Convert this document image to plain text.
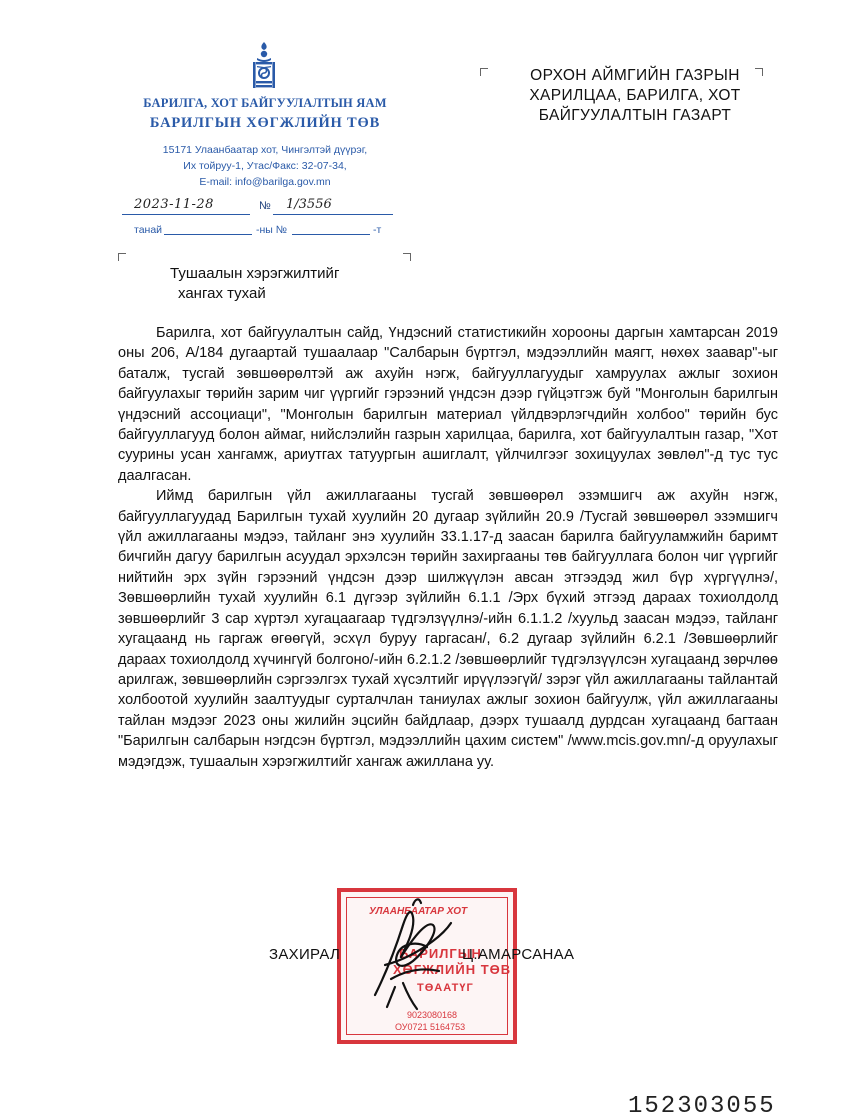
БАРИЛГА, ХОТ БАЙГУУЛАЛТЫН ЯАМ
БАРИЛГЫН ХӨГЖЛИЙН ТӨВ
15171 Улаанбаатар хот, Чингэлтэй дүүрэг,
Их тойруу-1, Утас/Факс: 32-07-34,
E-mail: info@barilga.gov.mn
2023-11-28	№ 1/3556
танай	-ны №	-т
ОРХОН АЙМГИЙН ГАЗРЫН
ХАРИЛЦАА, БАРИЛГА, ХОТ
БАЙГУУЛАЛТЫН ГАЗАРТ
Тушаалын хэрэгжилтийг
хангах тухай

Барилга, хот байгуулалтын сайд, Үндэсний статистикийн хорооны даргын хамтарсан 2019 оны 206, А/184 дугаартай тушаалаар "Салбарын бүртгэл, мэдээллийн маягт, нөхөх заавар"-ыг баталж, тусгай зөвшөөрөлтэй аж ахуйн нэгж, байгууллагуудыг хамруулах ажлыг зохион байгуулахыг төрийн зарим чиг үүргийг гэрээний үндсэн дээр гүйцэтгэж буй "Монголын барилгын үндэсний ассоциаци", "Монголын барилгын материал үйлдвэрлэгчдийн холбоо" төрийн бус байгууллагууд болон аймаг, нийслэлийн газрын харилцаа, барилга, хот байгуулалтын газар, "Хот суурины усан хангамж, ариутгах татуургын ашиглалт, үйлчилгээг зохицуулах зөвлөл"-д тус тус даалгасан.

Иймд барилгын үйл ажиллагааны тусгай зөвшөөрөл эзэмшигч аж ахуйн нэгж, байгууллагуудад Барилгын тухай хуулийн 20 дугаар зүйлийн 20.9 /Тусгай зөвшөөрөл эзэмшигч үйл ажиллагааны мэдээ, тайланг энэ хуулийн 33.1.17-д заасан барилга байгууламжийн баримт бичгийн дагуу барилгын асуудал эрхэлсэн төрийн захиргааны төв байгууллага болон чиг үүргийг нийтийн эрх зүйн гэрээний үндсэн дээр шилжүүлэн авсан этгээдэд жил бүр хүргүүлнэ/, Зөвшөөрлийн тухай хуулийн 6.1 дүгээр зүйлийн 6.1.1 /Эрх бүхий этгээд дараах тохиолдолд зөвшөөрлийг 3 сар хүртэл хугацаагаар түдгэлзүүлнэ/-ийн 6.1.1.2 /хуульд заасан мэдээ, тайланг хугацаанд нь гаргаж өгөөгүй, эсхүл буруу гаргасан/, 6.2 дугаар зүйлийн 6.2.1 /Зөвшөөрлийг дараах тохиолдолд хүчингүй болгоно/-ийн 6.2.1.2 /зөвшөөрлийг түдгэлзүүлсэн хугацаанд зөрчлөө арилгаж, зөвшөөрлийн сэргээлгэх тухай хүсэлтийг ирүүлээгүй/ зэрэг үйл ажиллагааны тайлантай холбоотой хуулийн заалтуудыг сурталчлан таниулах ажлыг зохион байгуулж, үйл ажиллагааны тайлан мэдээг 2023 оны жилийн эцсийн байдлаар, дээрх тушаалд дурдсан хугацаанд багтаан "Барилгын салбарын нэгдсэн бүртгэл, мэдээллийн цахим систем" /www.mcis.gov.mn/-д оруулахыг мэдэгдэж, тушаалын хэрэгжилтийг хангаж ажиллана уу.

УЛААНБААТАР ХОТ
БАРИЛГЫН
ХӨГЖЛИЙН ТӨВ
ТӨААТҮГ
9023080168
ОУ0721 5164753
ЗАХИРАЛ	Ц.АМАРСАНАА
152303055
